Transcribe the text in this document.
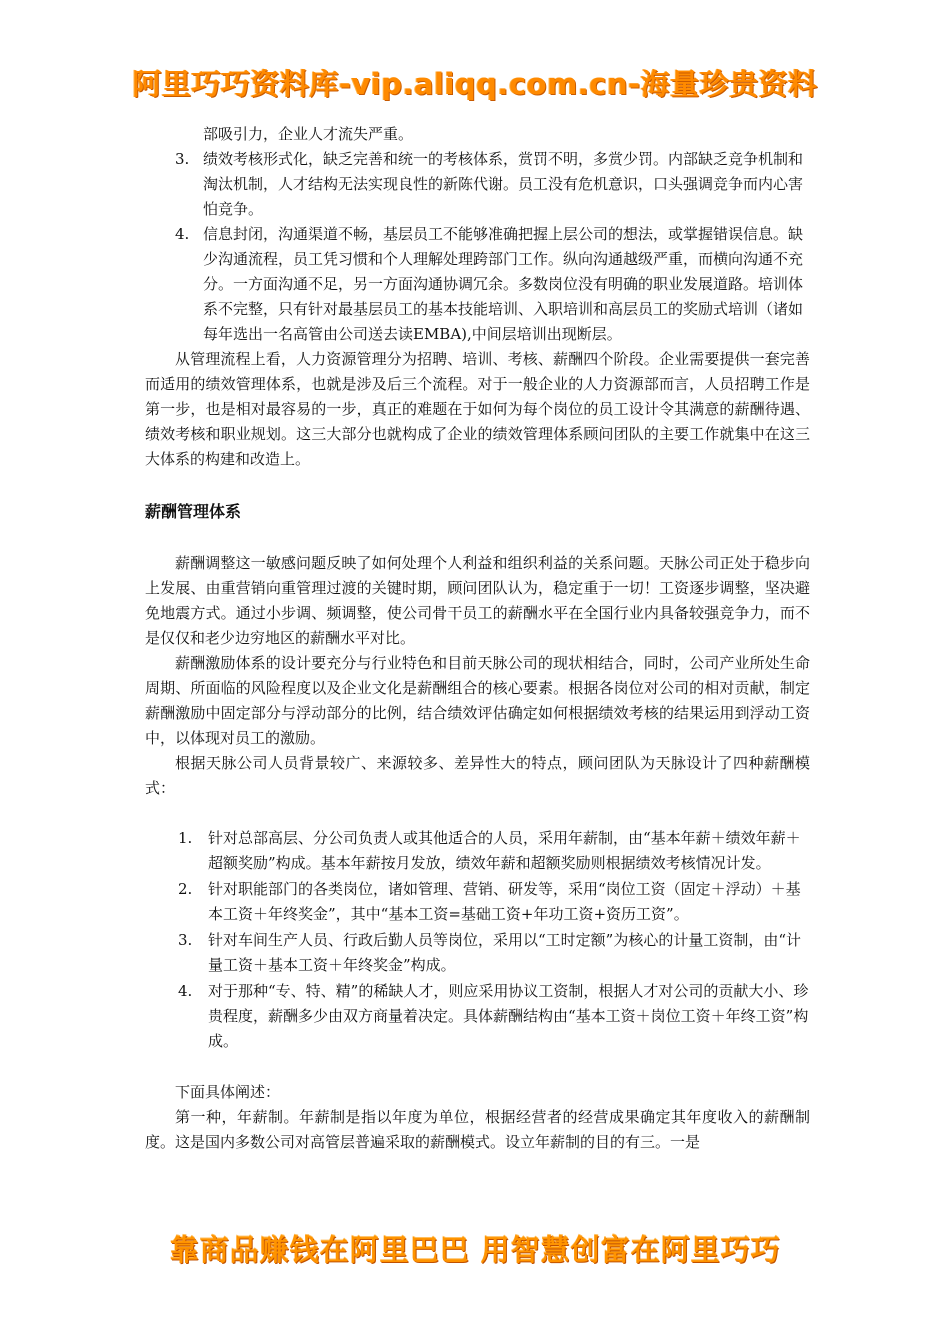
阿里巧巧资料库-vip.aliqq.com.cn-海量珍贵资料

部吸引力，企业人才流失严重。

3. 绩效考核形式化，缺乏完善和统一的考核体系，赏罚不明，多赏少罚。内部缺乏竞争机制和淘汰机制，人才结构无法实现良性的新陈代谢。员工没有危机意识，口头强调竞争而内心害怕竞争。
4. 信息封闭，沟通渠道不畅，基层员工不能够准确把握上层公司的想法，或掌握错误信息。缺少沟通流程，员工凭习惯和个人理解处理跨部门工作。纵向沟通越级严重，而横向沟通不充分。一方面沟通不足，另一方面沟通协调冗余。多数岗位没有明确的职业发展道路。培训体系不完整，只有针对最基层员工的基本技能培训、入职培训和高层员工的奖励式培训（诸如每年选出一名高管由公司送去读EMBA),中间层培训出现断层。

从管理流程上看，人力资源管理分为招聘、培训、考核、薪酬四个阶段。企业需要提供一套完善而适用的绩效管理体系，也就是涉及后三个流程。对于一般企业的人力资源部而言，人员招聘工作是第一步，也是相对最容易的一步，真正的难题在于如何为每个岗位的员工设计令其满意的薪酬待遇、绩效考核和职业规划。这三大部分也就构成了企业的绩效管理体系顾问团队的主要工作就集中在这三大体系的构建和改造上。

薪酬管理体系

薪酬调整这一敏感问题反映了如何处理个人利益和组织利益的关系问题。天脉公司正处于稳步向上发展、由重营销向重管理过渡的关键时期，顾问团队认为，稳定重于一切！工资逐步调整，坚决避免地震方式。通过小步调、频调整，使公司骨干员工的薪酬水平在全国行业内具备较强竞争力，而不是仅仅和老少边穷地区的薪酬水平对比。

薪酬激励体系的设计要充分与行业特色和目前天脉公司的现状相结合，同时，公司产业所处生命周期、所面临的风险程度以及企业文化是薪酬组合的核心要素。根据各岗位对公司的相对贡献，制定薪酬激励中固定部分与浮动部分的比例，结合绩效评估确定如何根据绩效考核的结果运用到浮动工资中，以体现对员工的激励。

根据天脉公司人员背景较广、来源较多、差异性大的特点，顾问团队为天脉设计了四种薪酬模式：

1. 针对总部高层、分公司负责人或其他适合的人员，采用年薪制，由“基本年薪＋绩效年薪＋超额奖励”构成。基本年薪按月发放，绩效年薪和超额奖励则根据绩效考核情况计发。
2. 针对职能部门的各类岗位，诸如管理、营销、研发等，采用“岗位工资（固定＋浮动）＋基本工资＋年终奖金”，其中“基本工资=基础工资+年功工资+资历工资”。
3. 针对车间生产人员、行政后勤人员等岗位，采用以“工时定额”为核心的计量工资制，由“计量工资＋基本工资＋年终奖金”构成。
4. 对于那种“专、特、精”的稀缺人才，则应采用协议工资制，根据人才对公司的贡献大小、珍贵程度，薪酬多少由双方商量着决定。具体薪酬结构由“基本工资＋岗位工资＋年终工资”构成。

下面具体阐述：

第一种，年薪制。年薪制是指以年度为单位，根据经营者的经营成果确定其年度收入的薪酬制度。这是国内多数公司对高管层普遍采取的薪酬模式。设立年薪制的目的有三。一是

靠商品赚钱在阿里巴巴 用智慧创富在阿里巧巧
